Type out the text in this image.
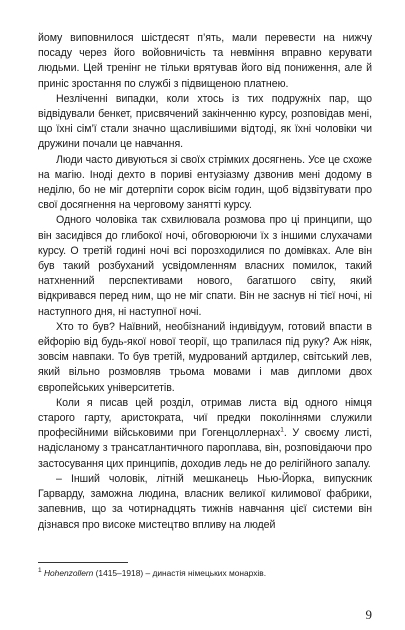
йому виповнилося шістдесят п’ять, мали перевести на нижчу посаду через його войовничість та невміння вправно керувати людьми. Цей тренінг не тільки врятував його від пониження, але й приніс зростання по службі з підвищеною платнею.

Незліченні випадки, коли хтось із тих подружніх пар, що відвідували бенкет, присвячений закінченню курсу, розповідав мені, що їхні сім’ї стали значно щасливішими відтоді, як їхні чоловіки чи дружини почали це навчання.

Люди часто дивуються зі своїх стрімких досягнень. Усе це схоже на магію. Іноді дехто в пориві ентузіазму дзвонив мені додому в неділю, бо не міг дотерпіти сорок вісім годин, щоб відзвітувати про свої досягнення на черговому занятті курсу.

Одного чоловіка так схвилювала розмова про ці принципи, що він засидівся до глибокої ночі, обговорюючи їх з іншими слухачами курсу. О третій годині ночі всі порозходилися по домівках. Але він був такий розбуханий усвідомленням власних помилок, такий натхненний перспективами нового, багатшого світу, який відкривався перед ним, що не міг спати. Він не заснув ні тієї ночі, ні наступного дня, ні наступної ночі.

Хто то був? Наївний, необізнаний індивідуум, готовий впасти в ейфорію від будь-якої нової теорії, що трапилася під руку? Аж ніяк, зовсім навпаки. То був третій, мудрований артдилер, світський лев, який вільно розмовляв трьома мовами і мав дипломи двох європейських університетів.

Коли я писав цей розділ, отримав листа від одного німця старого гарту, аристократа, чиї предки поколіннями служили професійними військовими при Гогенцоллернах$^1$. У своєму листі, надісланому з трансатлантичного пароплава, він, розповідаючи про застосування цих принципів, доходив ледь не до релігійного запалу.

– Інший чоловік, літній мешканець Нью-Йорка, випускник Гарварду, заможна людина, власник великої килимової фабрики, запевнив, що за чотирнадцять тижнів навчання цієї системи він дізнався про високе мистецтво впливу на людей

$^1$ Hohenzollern (1415–1918) – династія німецьких монархів.
9
